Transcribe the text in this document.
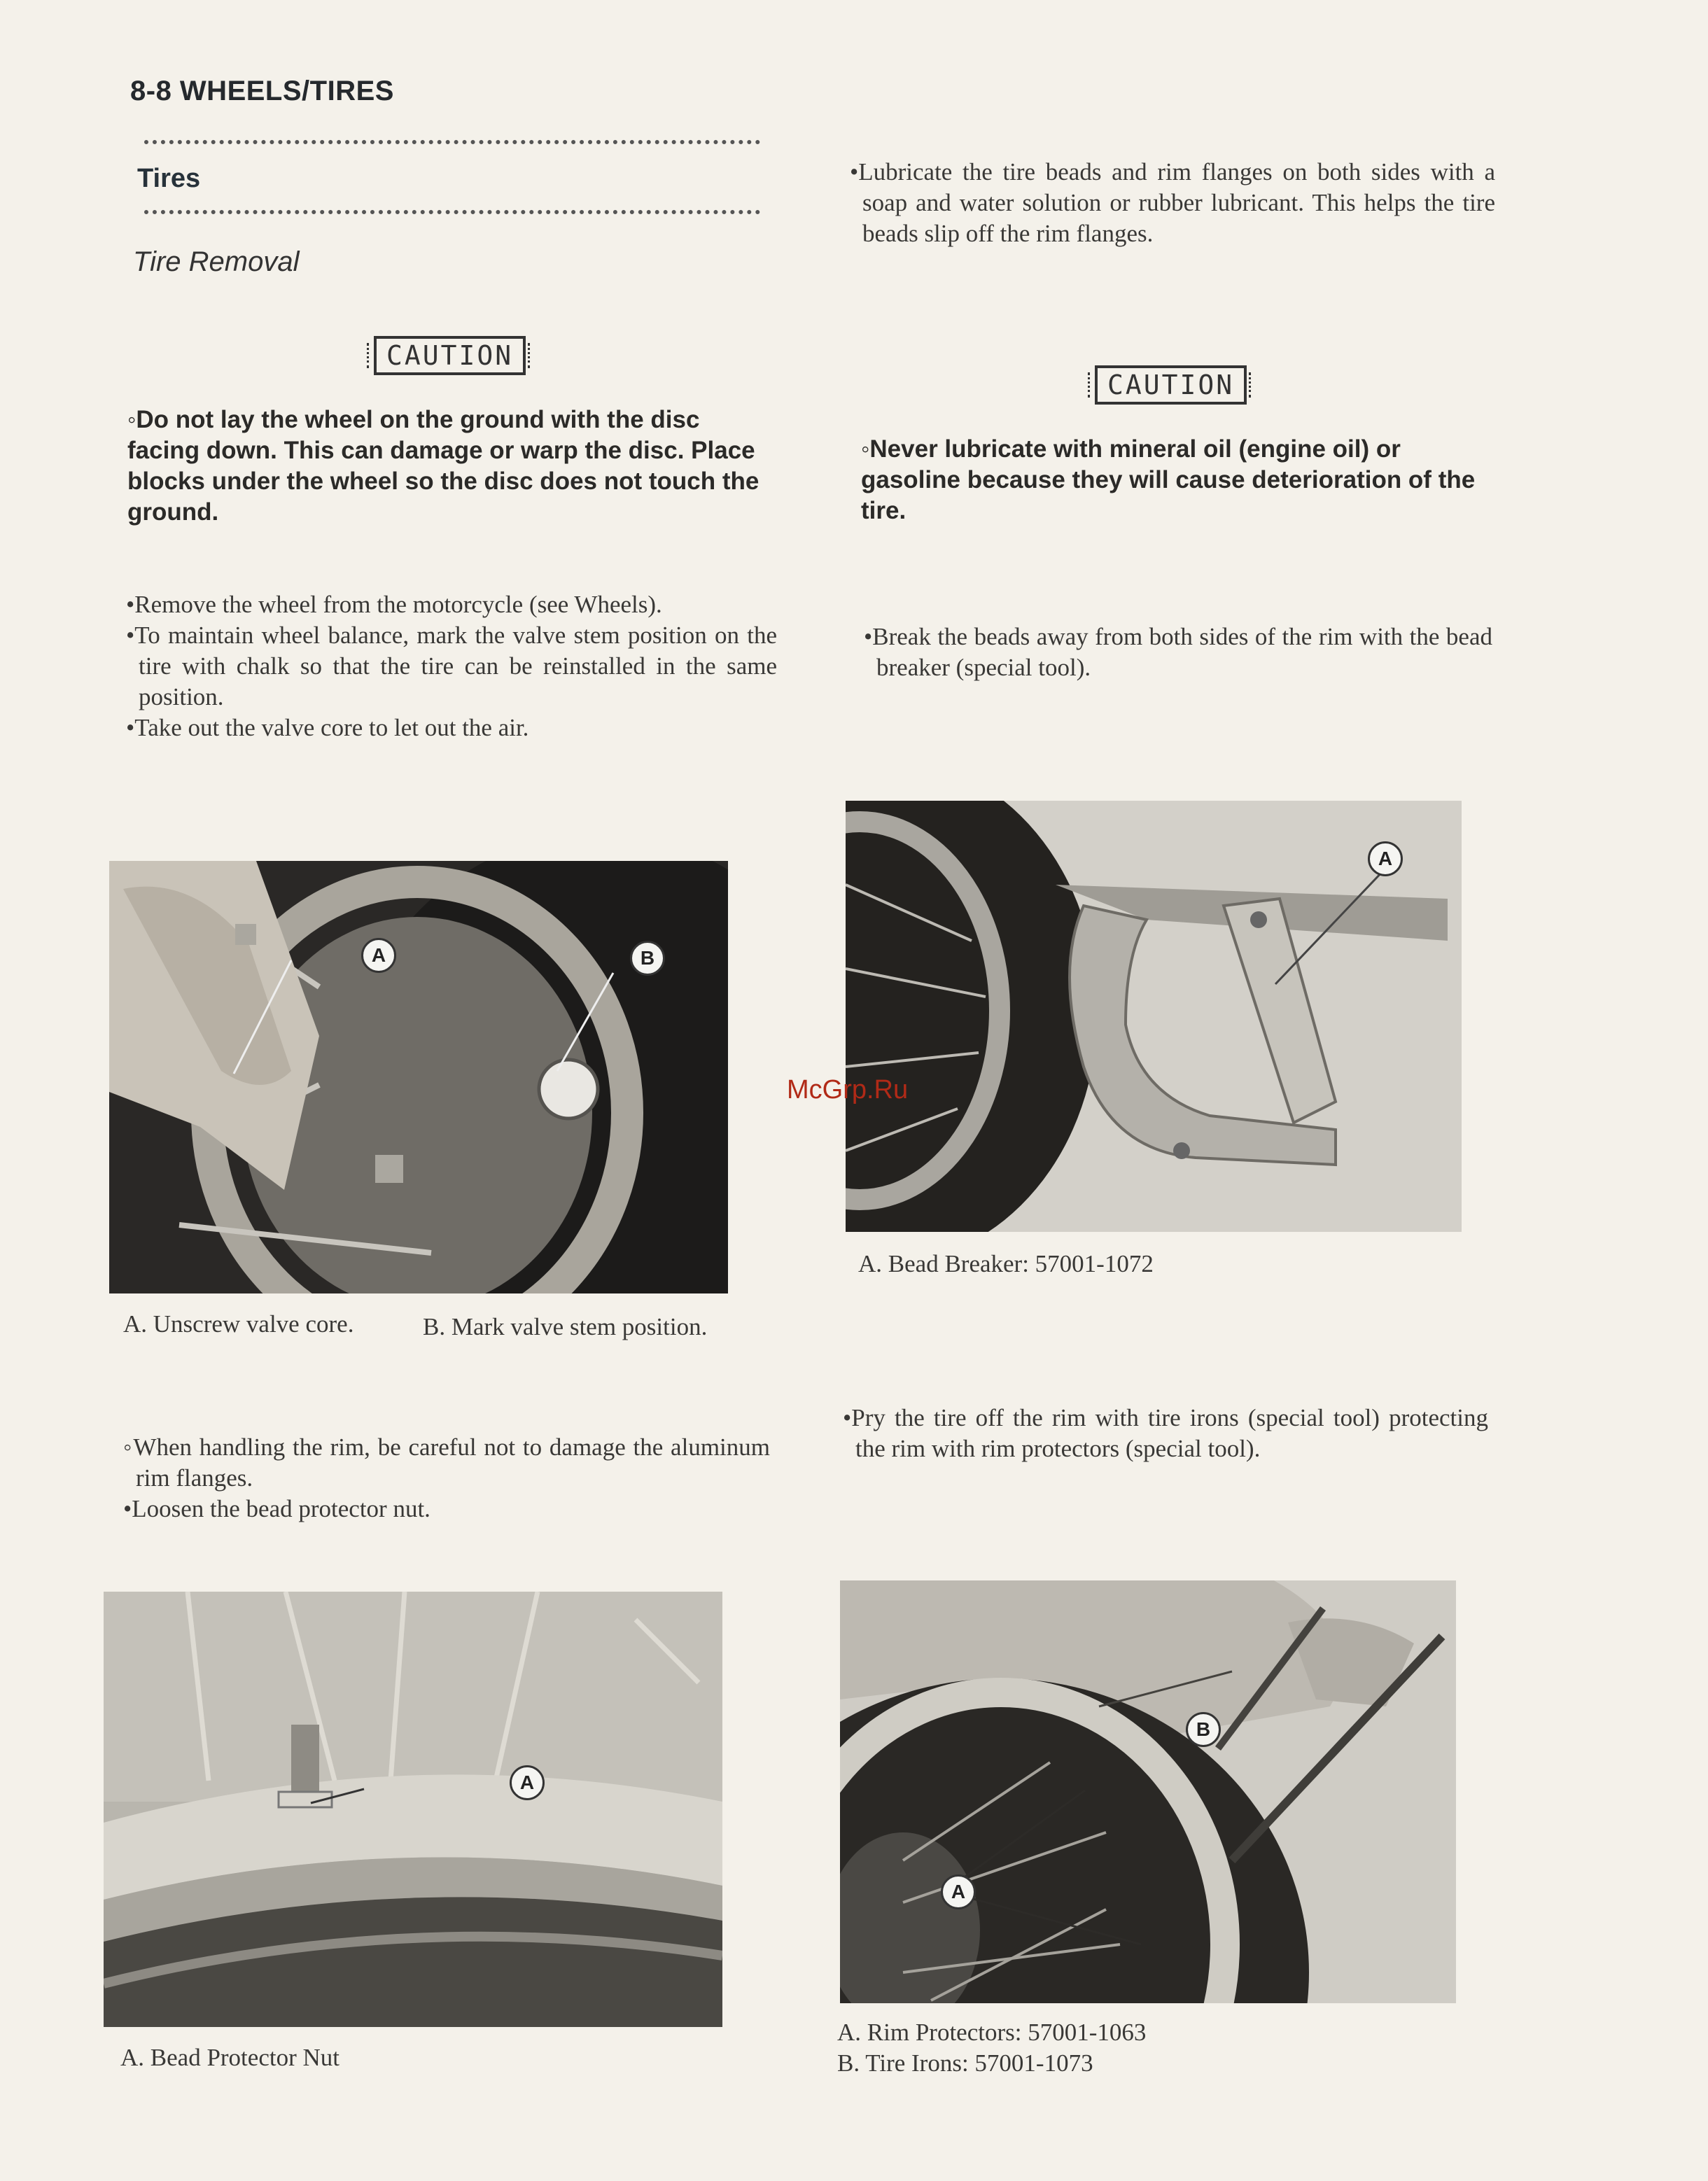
8-8 WHEELS/TIRES
Tires
Tire Removal
CAUTION
◦Do not lay the wheel on the ground with the disc facing down. This can damage or warp the disc. Place blocks under the wheel so the disc does not touch the ground.
•Remove the wheel from the motorcycle (see Wheels).
•To maintain wheel balance, mark the valve stem position on the tire with chalk so that the tire can be reinstalled in the same position.
•Take out the valve core to let out the air.
A	B
A. Unscrew valve core.	B. Mark valve stem position.
◦When handling the rim, be careful not to damage the aluminum rim flanges.
•Loosen the bead protector nut.
A
A. Bead Protector Nut
•Lubricate the tire beads and rim flanges on both sides with a soap and water solution or rubber lubricant. This helps the tire beads slip off the rim flanges.
CAUTION
◦Never lubricate with mineral oil (engine oil) or gasoline because they will cause deterioration of the tire.
•Break the beads away from both sides of the rim with the bead breaker (special tool).
A
A. Bead Breaker: 57001-1072
•Pry the tire off the rim with tire irons (special tool) protecting the rim with rim protectors (special tool).
A
B
A. Rim Protectors: 57001-1063
B. Tire Irons: 57001-1073
McGrp.Ru
